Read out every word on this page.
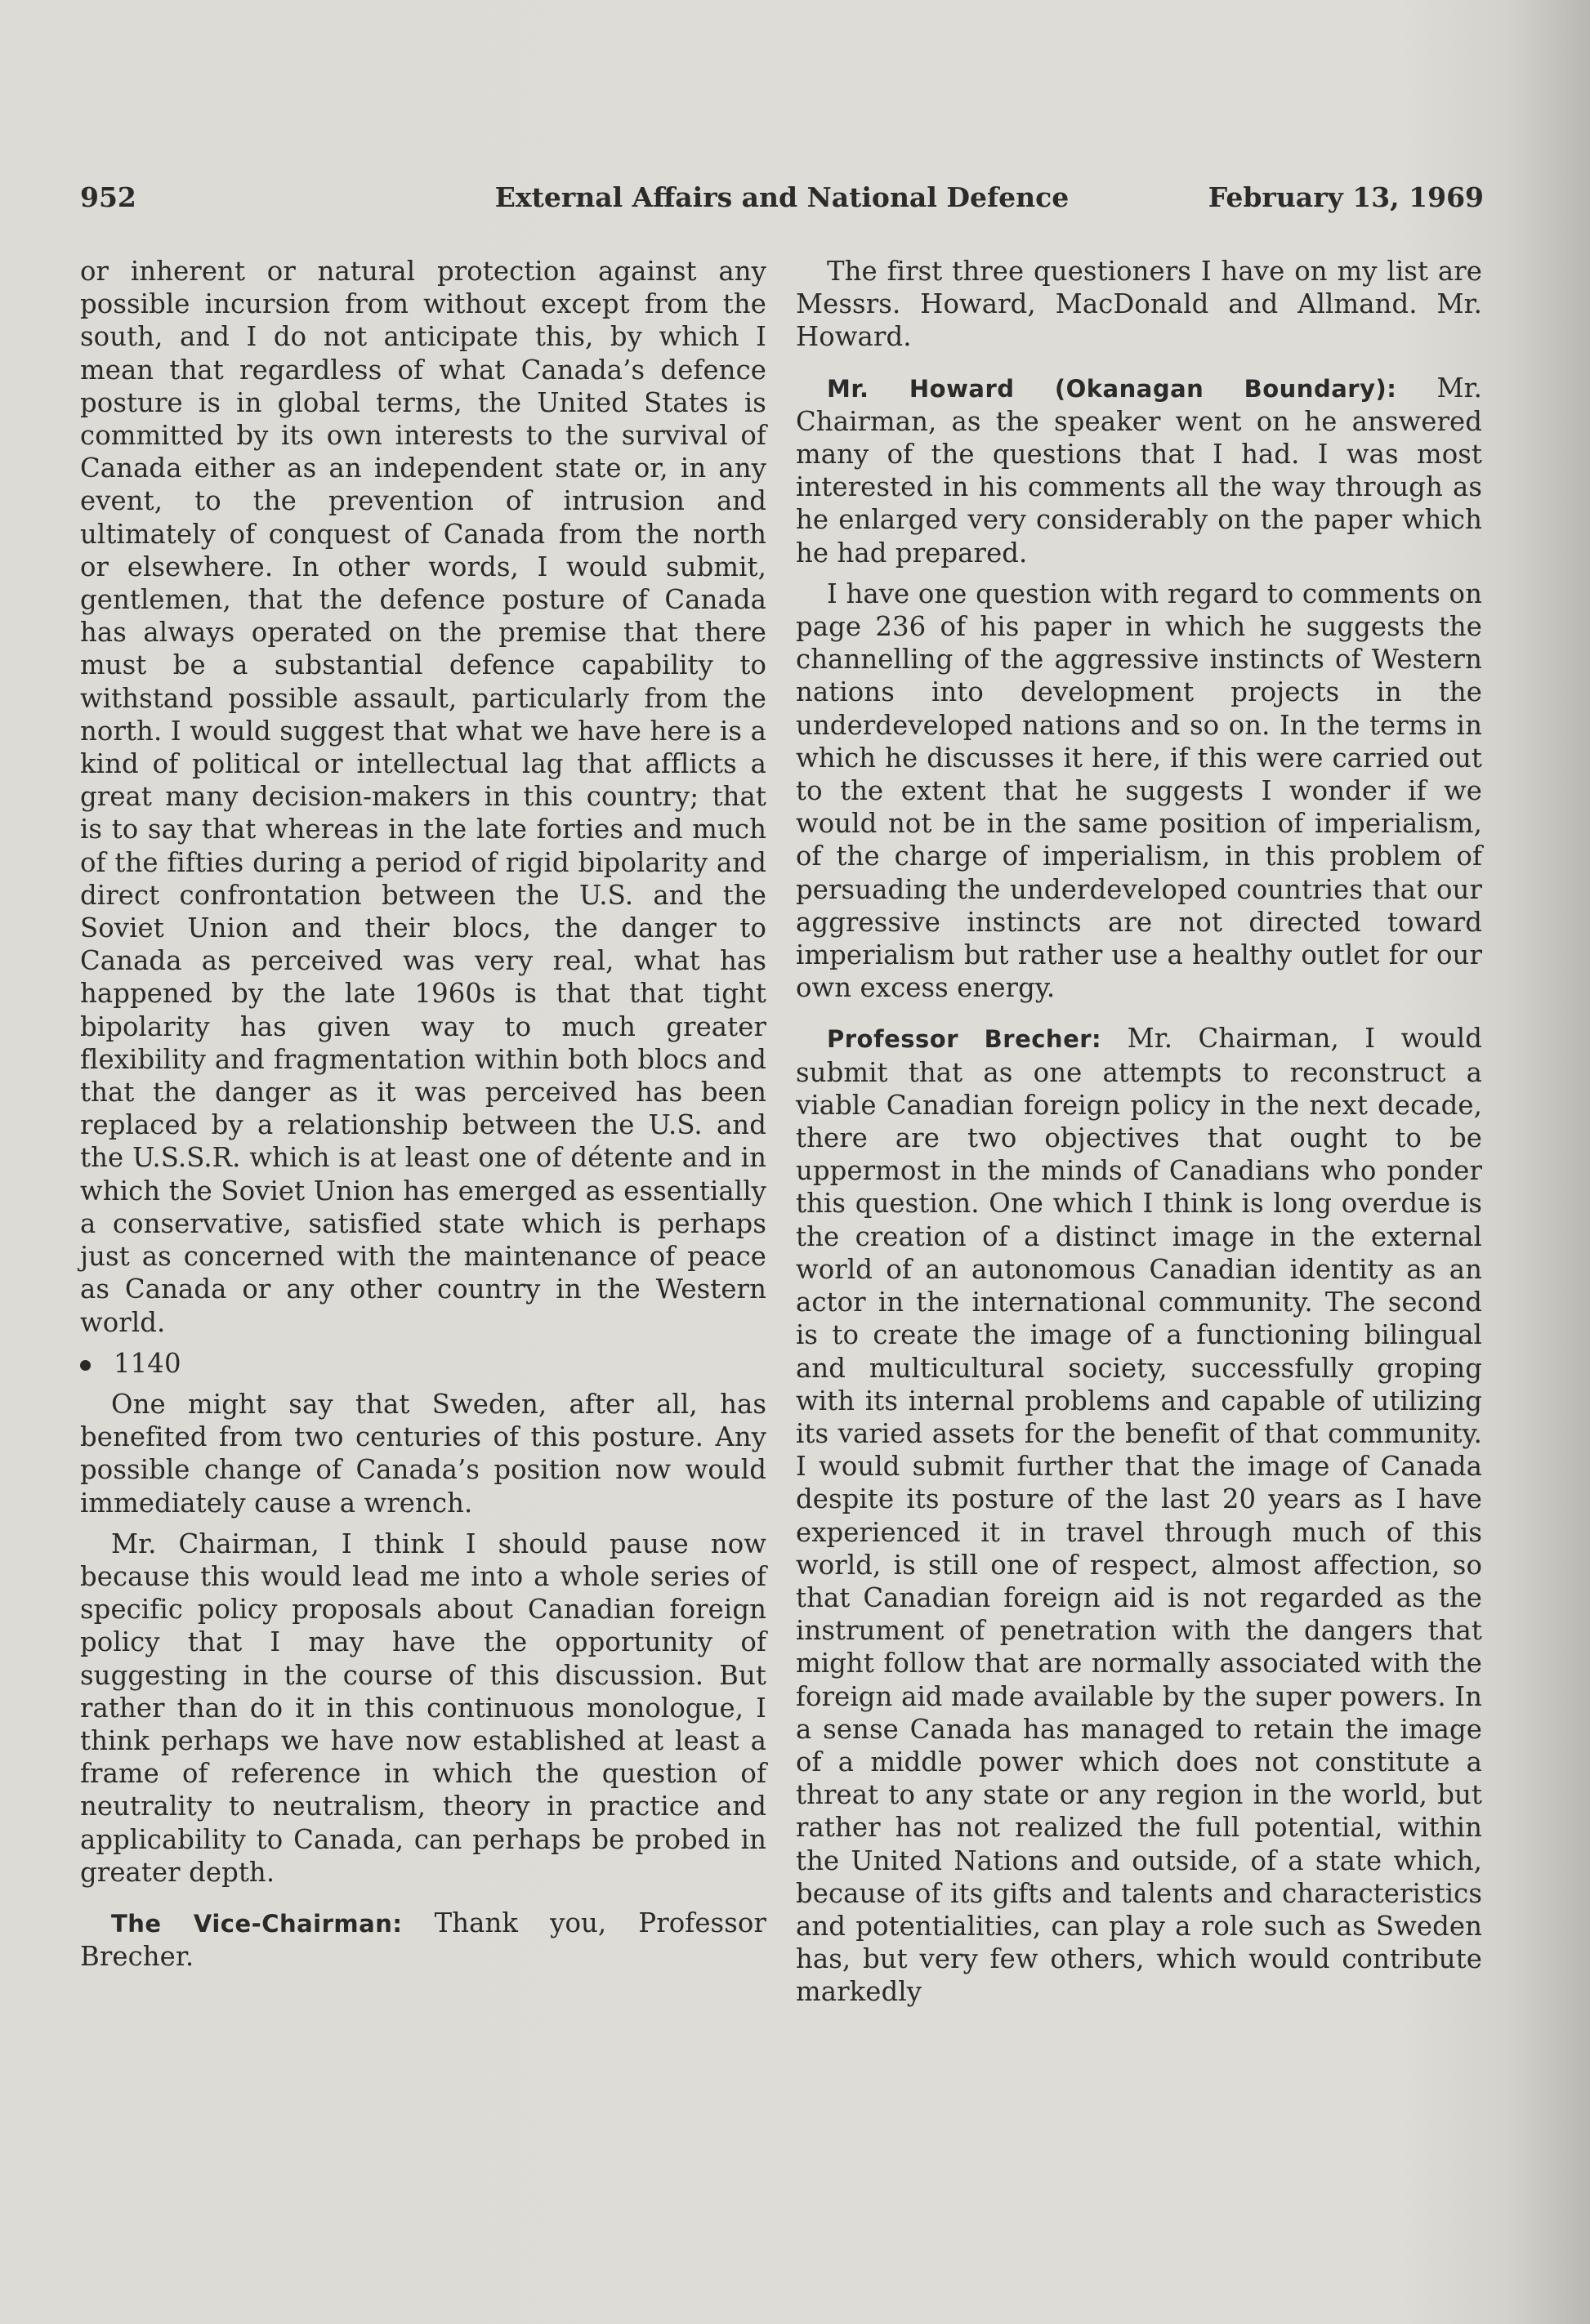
952	External Affairs and National Defence	February 13, 1969

or inherent or natural protection against any possible incursion from without except from the south, and I do not anticipate this, by which I mean that regardless of what Canada’s defence posture is in global terms, the United States is committed by its own interests to the survival of Canada either as an independent state or, in any event, to the prevention of intrusion and ultimately of conquest of Canada from the north or elsewhere. In other words, I would submit, gentlemen, that the defence posture of Canada has always operated on the premise that there must be a substantial defence capability to withstand possible assault, particularly from the north. I would suggest that what we have here is a kind of political or intellectual lag that afflicts a great many decision-makers in this country; that is to say that whereas in the late forties and much of the fifties during a period of rigid bipolarity and direct confrontation between the U.S. and the Soviet Union and their blocs, the danger to Canada as perceived was very real, what has happened by the late 1960s is that that tight bipolarity has given way to much greater flexibility and fragmentation within both blocs and that the danger as it was perceived has been replaced by a relationship between the U.S. and the U.S.S.R. which is at least one of détente and in which the Soviet Union has emerged as essentially a conservative, satisfied state which is perhaps just as concerned with the maintenance of peace as Canada or any other country in the Western world.

1140

One might say that Sweden, after all, has benefited from two centuries of this posture. Any possible change of Canada’s position now would immediately cause a wrench.

Mr. Chairman, I think I should pause now because this would lead me into a whole series of specific policy proposals about Canadian foreign policy that I may have the opportunity of suggesting in the course of this discussion. But rather than do it in this continuous monologue, I think perhaps we have now established at least a frame of reference in which the question of neutrality to neutralism, theory in practice and applicability to Canada, can perhaps be probed in greater depth.

The Vice-Chairman: Thank you, Professor Brecher.

The first three questioners I have on my list are Messrs. Howard, MacDonald and Allmand. Mr. Howard.

Mr. Howard (Okanagan Boundary): Mr. Chairman, as the speaker went on he answered many of the questions that I had. I was most interested in his comments all the way through as he enlarged very considerably on the paper which he had prepared.

I have one question with regard to comments on page 236 of his paper in which he suggests the channelling of the aggressive instincts of Western nations into development projects in the underdeveloped nations and so on. In the terms in which he discusses it here, if this were carried out to the extent that he suggests I wonder if we would not be in the same position of imperialism, of the charge of imperialism, in this problem of persuading the underdeveloped countries that our aggressive instincts are not directed toward imperialism but rather use a healthy outlet for our own excess energy.

Professor Brecher: Mr. Chairman, I would submit that as one attempts to reconstruct a viable Canadian foreign policy in the next decade, there are two objectives that ought to be uppermost in the minds of Canadians who ponder this question. One which I think is long overdue is the creation of a distinct image in the external world of an autonomous Canadian identity as an actor in the international community. The second is to create the image of a functioning bilingual and multicultural society, successfully groping with its internal problems and capable of utilizing its varied assets for the benefit of that community. I would submit further that the image of Canada despite its posture of the last 20 years as I have experienced it in travel through much of this world, is still one of respect, almost affection, so that Canadian foreign aid is not regarded as the instrument of penetration with the dangers that might follow that are normally associated with the foreign aid made available by the super powers. In a sense Canada has managed to retain the image of a middle power which does not constitute a threat to any state or any region in the world, but rather has not realized the full potential, within the United Nations and outside, of a state which, because of its gifts and talents and characteristics and potentialities, can play a role such as Sweden has, but very few others, which would contribute markedly
